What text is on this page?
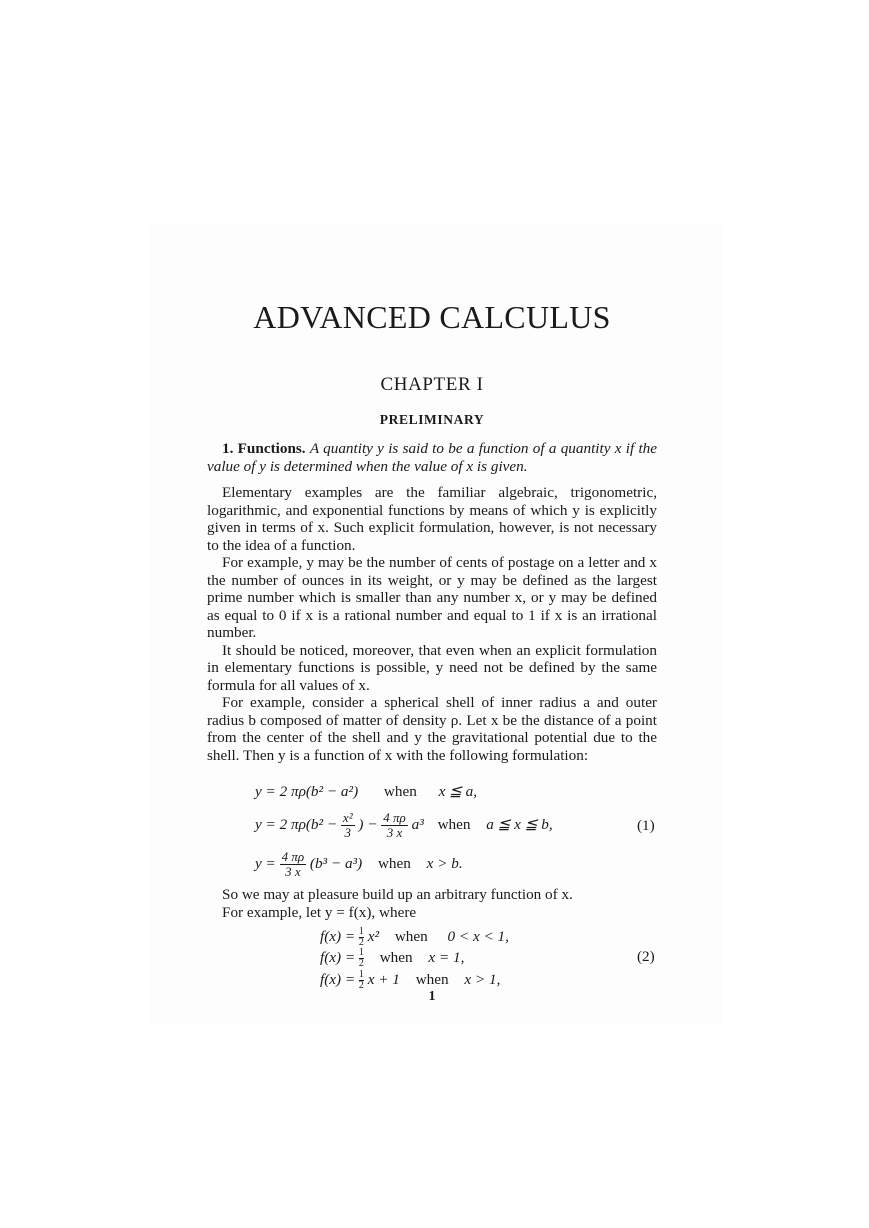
ADVANCED CALCULUS
CHAPTER I
PRELIMINARY

1. Functions. A quantity y is said to be a function of a quantity x if the value of y is determined when the value of x is given.

Elementary examples are the familiar algebraic, trigonometric, logarithmic, and exponential functions by means of which y is explicitly given in terms of x. Such explicit formulation, however, is not necessary to the idea of a function.

For example, y may be the number of cents of postage on a letter and x the number of ounces in its weight, or y may be defined as the largest prime number which is smaller than any number x, or y may be defined as equal to 0 if x is a rational number and equal to 1 if x is an irrational number.

It should be noticed, moreover, that even when an explicit formulation in elementary functions is possible, y need not be defined by the same formula for all values of x.

For example, consider a spherical shell of inner radius a and outer radius b composed of matter of density ρ. Let x be the distance of a point from the center of the shell and y the gravitational potential due to the shell. Then y is a function of x with the following formulation:

y = 2 πρ(b² − a²) when x ≦ a,
y = 2 $\pi\rho(b^2 - \frac{\text{x²}}{3}$ ) − $\frac{4 \pi\rho}{3 x} a^3$ when a ≦ x ≦ b,	(1)
$y = \frac{4 \pi\rho}{3 x} (b^3 - a^3)$ when x > b.
So we may at pleasure build up an arbitrary function of x.
For example, let y = f(x), where
$f(x) = \frac{1}{2} x^2$ when 0 < x < 1,
$f(x) = \frac{1}{2}$ when x = 1,	(2)
$f(x) = \frac{1}{2}$ x + 1 when x > 1,
1
